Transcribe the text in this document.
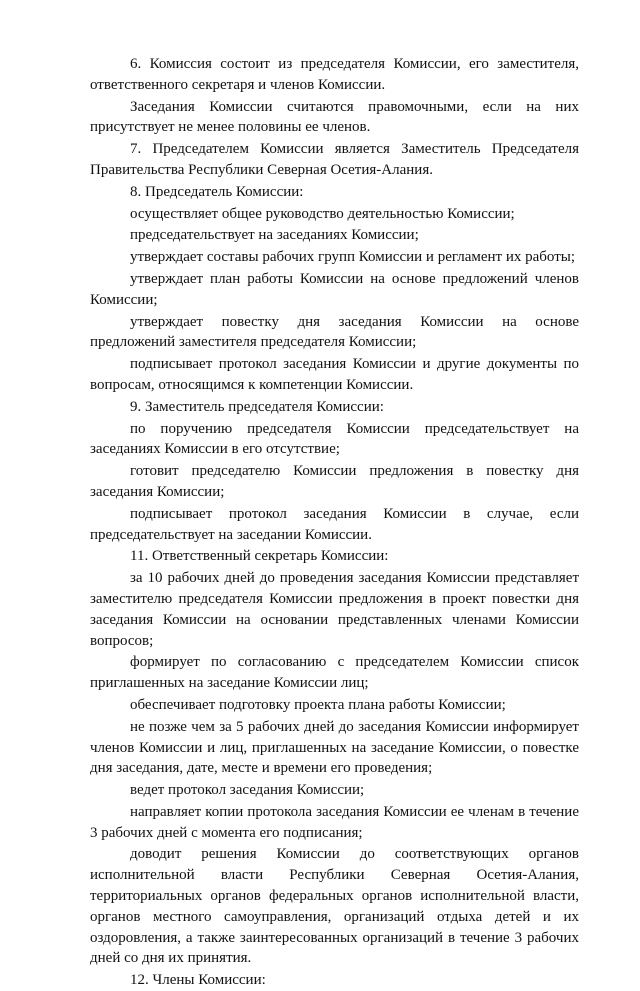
6. Комиссия состоит из председателя Комиссии, его заместителя, ответственного секретаря и членов Комиссии.

Заседания Комиссии считаются правомочными, если на них присутствует не менее половины ее членов.

7. Председателем Комиссии является Заместитель Председателя Правительства Республики Северная Осетия-Алания.

8. Председатель Комиссии:

осуществляет общее руководство деятельностью Комиссии;

председательствует на заседаниях Комиссии;

утверждает составы рабочих групп Комиссии и регламент их работы;

утверждает план работы Комиссии на основе предложений членов Комиссии;

утверждает повестку дня заседания Комиссии на основе предложений заместителя председателя Комиссии;

подписывает протокол заседания Комиссии и другие документы по вопросам, относящимся к компетенции Комиссии.

9. Заместитель председателя Комиссии:

по поручению председателя Комиссии председательствует на заседаниях Комиссии в его отсутствие;

готовит председателю Комиссии предложения в повестку дня заседания Комиссии;

подписывает протокол заседания Комиссии в случае, если председательствует на заседании Комиссии.

11. Ответственный секретарь Комиссии:

за 10 рабочих дней до проведения заседания Комиссии представляет заместителю председателя Комиссии предложения в проект повестки дня заседания Комиссии на основании представленных членами Комиссии вопросов;

формирует по согласованию с председателем Комиссии список приглашенных на заседание Комиссии лиц;

обеспечивает подготовку проекта плана работы Комиссии;

не позже чем за 5 рабочих дней до заседания Комиссии информирует членов Комиссии и лиц, приглашенных на заседание Комиссии, о повестке дня заседания, дате, месте и времени его проведения;

ведет протокол заседания Комиссии;

направляет копии протокола заседания Комиссии ее членам в течение 3 рабочих дней с момента его подписания;

доводит решения Комиссии до соответствующих органов исполнительной власти Республики Северная Осетия-Алания, территориальных органов федеральных органов исполнительной власти, органов местного самоуправления, организаций отдыха детей и их оздоровления, а также заинтересованных организаций в течение 3 рабочих дней со дня их принятия.

12. Члены Комиссии:
